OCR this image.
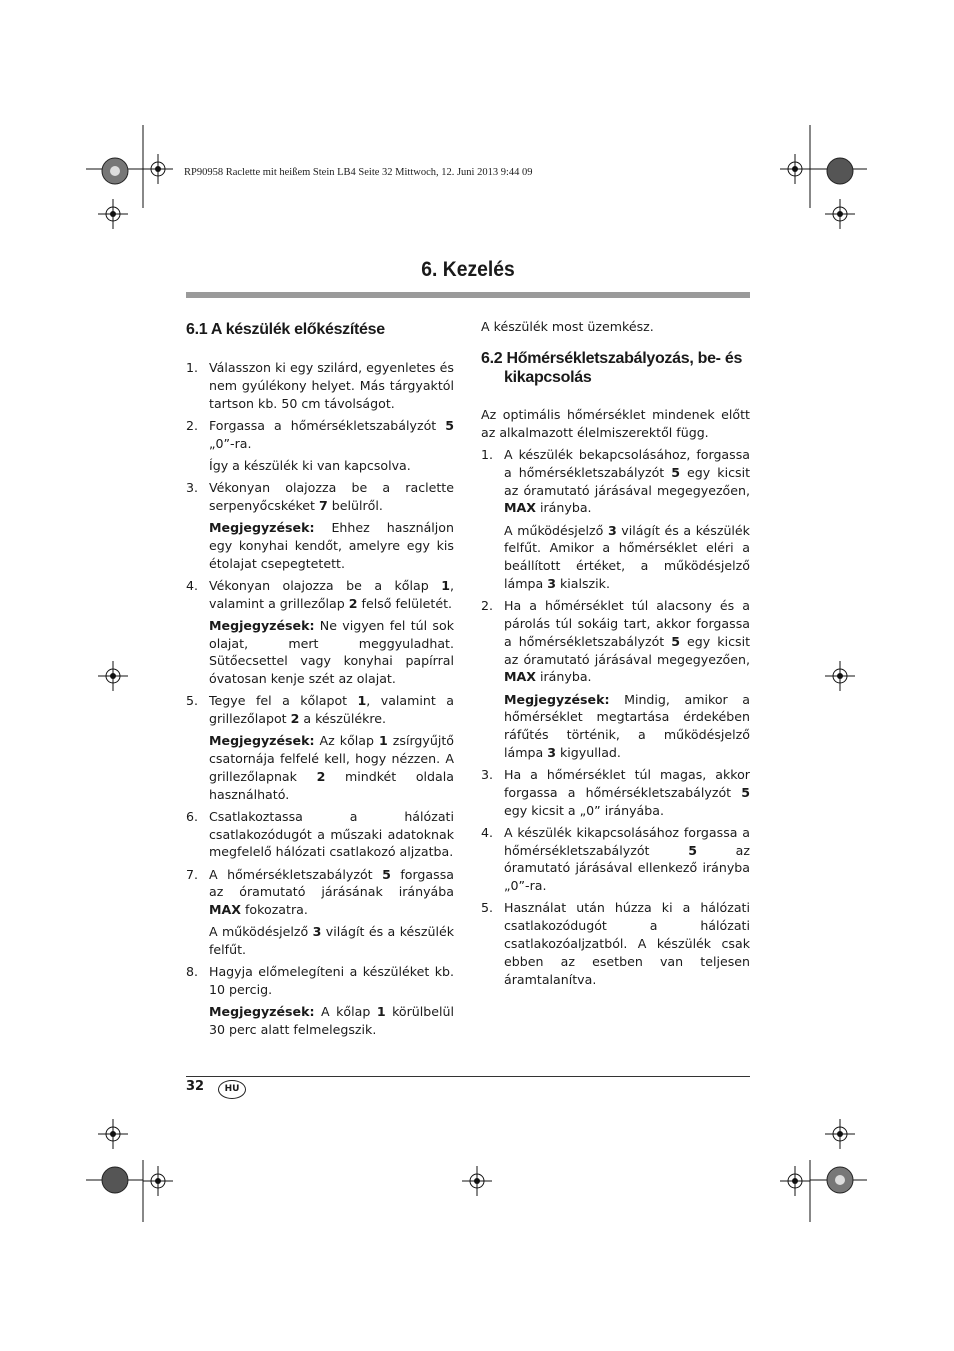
RP90958 Raclette mit heißem Stein LB4 Seite 32 Mittwoch, 12. Juni 2013 9:44 09
6. Kezelés
6.1 A készülék előkészítése
1. Válasszon ki egy szilárd, egyenletes és nem gyúlékony helyet. Más tárgyaktól tartson kb. 50 cm távolságot.
2. Forgassa a hőmérsékletszabályzót 5 „0”-ra.
Így a készülék ki van kapcsolva.
3. Vékonyan olajozza be a raclette serpenyőcskéket 7 belülről.
Megjegyzések: Ehhez használjon egy konyhai kendőt, amelyre egy kis étolajat csepegtetett.
4. Vékonyan olajozza be a kőlap 1, valamint a grillezőlap 2 felső felületét.
Megjegyzések: Ne vigyen fel túl sok olajat, mert meggyuladhat. Sütőecsettel vagy konyhai papírral óvatosan kenje szét az olajat.
5. Tegye fel a kőlapot 1, valamint a grillezőlapot 2 a készülékre.
Megjegyzések: Az kőlap 1 zsírgyűjtő csatornája felfelé kell, hogy nézzen. A grillezőlapnak 2 mindkét oldala használható.
6. Csatlakoztassa a hálózati csatlakozódugót a műszaki adatoknak megfelelő hálózati csatlakozó aljzatba.
7. A hőmérsékletszabályzót 5 forgassa az óramutató járásának irányába MAX fokozatra.
A működésjelző 3 világít és a készülék felfűt.
8. Hagyja előmelegíteni a készüléket kb. 10 percig.
Megjegyzések: A kőlap 1 körülbelül 30 perc alatt felmelegszik.

A készülék most üzemkész.

6.2 Hőmérsékletszabályozás, be- és
kikapcsolás

Az optimális hőmérséklet mindenek előtt az alkalmazott élelmiszerektől függ.

1. A készülék bekapcsolásához, forgassa a hőmérsékletszabályzót 5 egy kicsit az óramutató járásával megegyezően, MAX irányba.
A működésjelző 3 világít és a készülék felfűt. Amikor a hőmérséklet eléri a beállított értéket, a működésjelző lámpa 3 kialszik.
2. Ha a hőmérséklet túl alacsony és a párolás túl sokáig tart, akkor forgassa a hőmérsékletszabályzót 5 egy kicsit az óramutató járásával megegyezően, MAX irányba.
Megjegyzések: Mindig, amikor a hőmérséklet megtartása érdekében ráfűtés történik, a működésjelző lámpa 3 kigyullad.
3. Ha a hőmérséklet túl magas, akkor forgassa a hőmérsékletszabályzót 5 egy kicsit a „0” irányába.
4. A készülék kikapcsolásához forgassa a hőmérsékletszabályzót 5 az óramutató járásával ellenkező irányba „0”-ra.
5. Használat után húzza ki a hálózati csatlakozódugót a hálózati csatlakozóaljzatból. A készülék csak ebben az esetben van teljesen áramtalanítva.
32	HU
